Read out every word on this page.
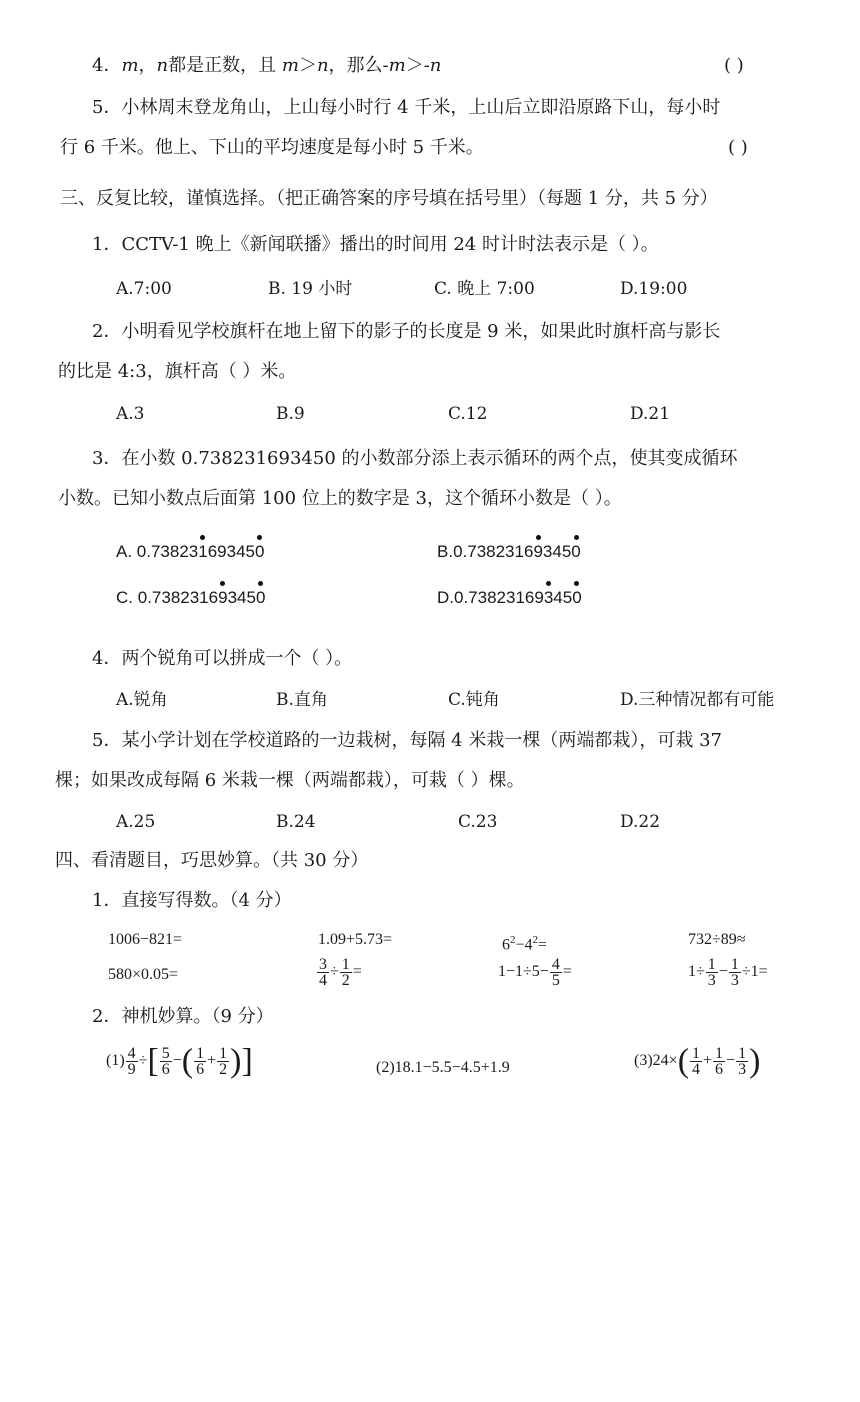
4．m，n都是正数，且 m＞n，那么-m＞-n	( )
5．小林周末登龙角山，上山每小时行 4 千米，上山后立即沿原路下山，每小时
行 6 千米。他上、下山的平均速度是每小时 5 千米。	( )
三、反复比较，谨慎选择。（把正确答案的序号填在括号里）（每题 1 分，共 5 分）
1．CCTV-1 晚上《新闻联播》播出的时间用 24 时计时法表示是（ ）。
A.7:00	B. 19 小时	C. 晚上 7:00	D.19:00
2．小明看见学校旗杆在地上留下的影子的长度是 9 米，如果此时旗杆高与影长
的比是 4:3，旗杆高（ ）米。
A.3	B.9	C.12	D.21
3．在小数 0.738231693450 的小数部分添上表示循环的两个点，使其变成循环
小数。已知小数点后面第 100 位上的数字是 3，这个循环小数是（ ）。
A. 0.738231693450	B.0.738231693450
C. 0.738231693450	D.0.738231693450
4．两个锐角可以拼成一个（ ）。
A.锐角	B.直角	C.钝角	D.三种情况都有可能
5．某小学计划在学校道路的一边栽树，每隔 4 米栽一棵（两端都栽），可栽 37
棵；如果改成每隔 6 米栽一棵（两端都栽），可栽（ ）棵。
A.25	B.24	C.23	D.22
四、看清题目，巧思妙算。（共 30 分）
1．直接写得数。（4 分）
1006−821=	1.09+5.73=	$6^2-4^2=$	732÷89≈
580×0.05=	$\frac{3}{4} \div \frac{1}{2}$ =	$1-1\div 5- \frac{4}{5}$ =	$1\div \frac{1}{3} - \frac{1}{3} \div 1=$
2．神机妙算。（9 分）
$(1) \frac{4}{9}$ ÷[ $\frac{5}{6}$ −( $\frac{1}{6} + \frac{1}{2}$ )]	(2)18.1−5.5−4.5+1.9	$(3)24\times( \frac{1}{4} + \frac{1}{6} - \frac{1}{3}$ )
